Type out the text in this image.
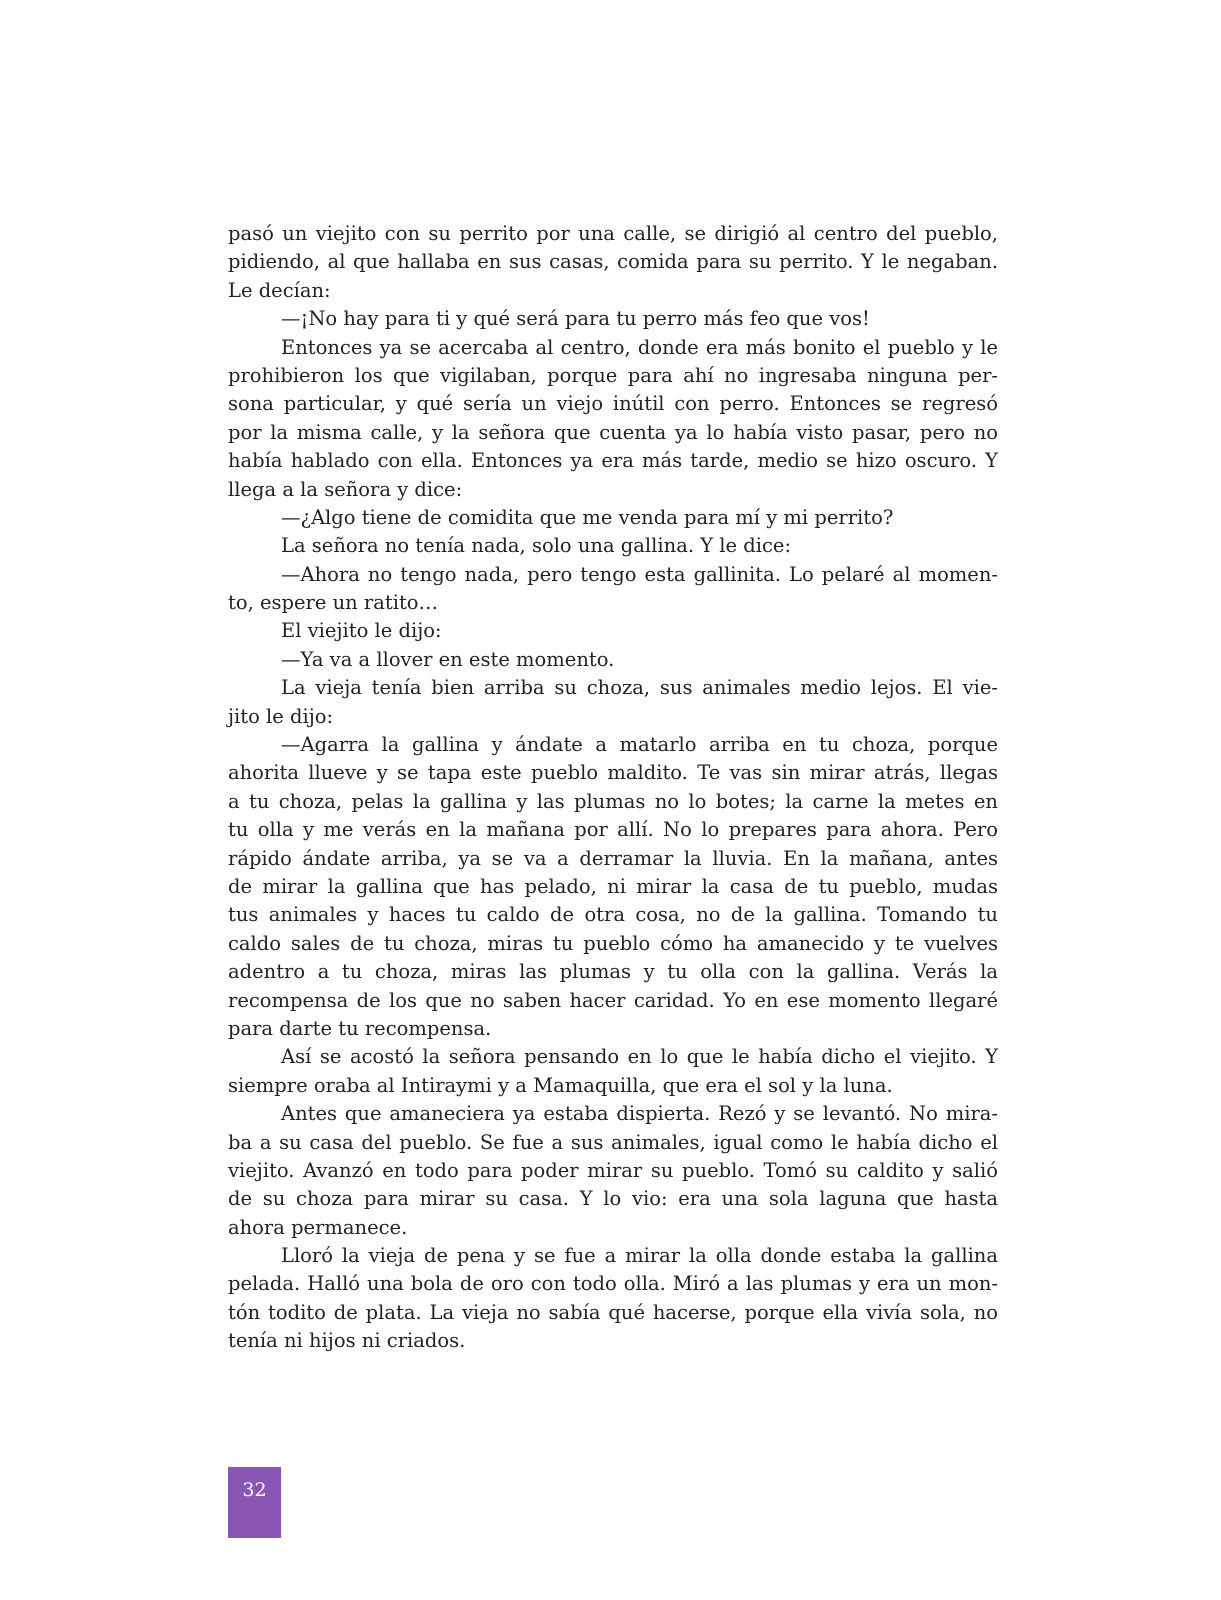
pasó un viejito con su perrito por una calle, se dirigió al centro del pueblo,
pidiendo, al que hallaba en sus casas, comida para su perrito. Y le negaban.
Le decían:
—¡No hay para ti y qué será para tu perro más feo que vos!
Entonces ya se acercaba al centro, donde era más bonito el pueblo y le
prohibieron los que vigilaban, porque para ahí no ingresaba ninguna per-
sona particular, y qué sería un viejo inútil con perro. Entonces se regresó
por la misma calle, y la señora que cuenta ya lo había visto pasar, pero no
había hablado con ella. Entonces ya era más tarde, medio se hizo oscuro. Y
llega a la señora y dice:
—¿Algo tiene de comidita que me venda para mí y mi perrito?
La señora no tenía nada, solo una gallina. Y le dice:
—Ahora no tengo nada, pero tengo esta gallinita. Lo pelaré al momen-
to, espere un ratito…
El viejito le dijo:
—Ya va a llover en este momento.
La vieja tenía bien arriba su choza, sus animales medio lejos. El vie-
jito le dijo:
—Agarra la gallina y ándate a matarlo arriba en tu choza, porque
ahorita llueve y se tapa este pueblo maldito. Te vas sin mirar atrás, llegas
a tu choza, pelas la gallina y las plumas no lo botes; la carne la metes en
tu olla y me verás en la mañana por allí. No lo prepares para ahora. Pero
rápido ándate arriba, ya se va a derramar la lluvia. En la mañana, antes
de mirar la gallina que has pelado, ni mirar la casa de tu pueblo, mudas
tus animales y haces tu caldo de otra cosa, no de la gallina. Tomando tu
caldo sales de tu choza, miras tu pueblo cómo ha amanecido y te vuelves
adentro a tu choza, miras las plumas y tu olla con la gallina. Verás la
recompensa de los que no saben hacer caridad. Yo en ese momento llegaré
para darte tu recompensa.
Así se acostó la señora pensando en lo que le había dicho el viejito. Y
siempre oraba al Intiraymi y a Mamaquilla, que era el sol y la luna.
Antes que amaneciera ya estaba dispierta. Rezó y se levantó. No mira-
ba a su casa del pueblo. Se fue a sus animales, igual como le había dicho el
viejito. Avanzó en todo para poder mirar su pueblo. Tomó su caldito y salió
de su choza para mirar su casa. Y lo vio: era una sola laguna que hasta
ahora permanece.
Lloró la vieja de pena y se fue a mirar la olla donde estaba la gallina
pelada. Halló una bola de oro con todo olla. Miró a las plumas y era un mon-
tón todito de plata. La vieja no sabía qué hacerse, porque ella vivía sola, no
tenía ni hijos ni criados.
32
